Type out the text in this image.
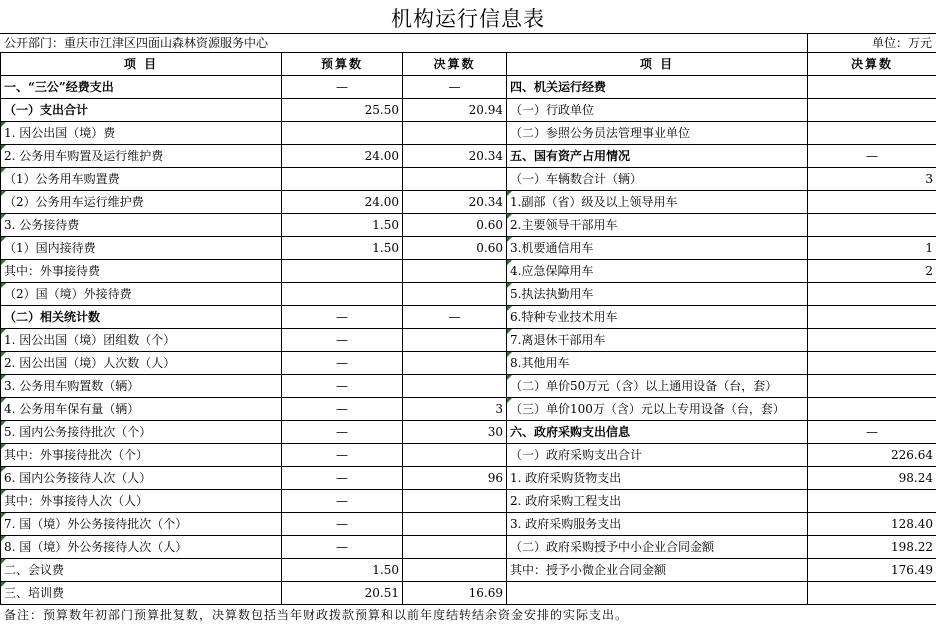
机构运行信息表
公开部门：重庆市江津区四面山森林资源服务中心	单位：万元
项 目	预算数	决算数	项 目	决算数
一、“三公”经费支出	—	—	四、机关运行经费	
（一）支出合计	25.50	20.94	（一）行政单位	
1. 因公出国（境）费			（二）参照公务员法管理事业单位	
2. 公务用车购置及运行维护费	24.00	20.34	五、国有资产占用情况	—
（1）公务用车购置费			（一）车辆数合计（辆）	3
（2）公务用车运行维护费	24.00	20.34	1.副部（省）级及以上领导用车	
3. 公务接待费	1.50	0.60	2.主要领导干部用车	
（1）国内接待费	1.50	0.60	3.机要通信用车	1
其中：外事接待费			4.应急保障用车	2
（2）国（境）外接待费			5.执法执勤用车	
（二）相关统计数	—	—	6.特种专业技术用车	
1. 因公出国（境）团组数（个）	—		7.离退休干部用车	
2. 因公出国（境）人次数（人）	—		8.其他用车	
3. 公务用车购置数（辆）	—		（二）单价50万元（含）以上通用设备（台，套）	
4. 公务用车保有量（辆）	—	3	（三）单价100万（含）元以上专用设备（台，套）	
5. 国内公务接待批次（个）	—	30	六、政府采购支出信息	—
其中：外事接待批次（个）	—		（一）政府采购支出合计	226.64
6. 国内公务接待人次（人）	—	96	1. 政府采购货物支出	98.24
其中：外事接待人次（人）	—		2. 政府采购工程支出	
7. 国（境）外公务接待批次（个）	—		3. 政府采购服务支出	128.40
8. 国（境）外公务接待人次（人）	—		（二）政府采购授予中小企业合同金额	198.22
二、会议费	1.50		其中：授予小微企业合同金额	176.49
三、培训费	20.51	16.69		
备注：预算数年初部门预算批复数，决算数包括当年财政拨款预算和以前年度结转结余资金安排的实际支出。
